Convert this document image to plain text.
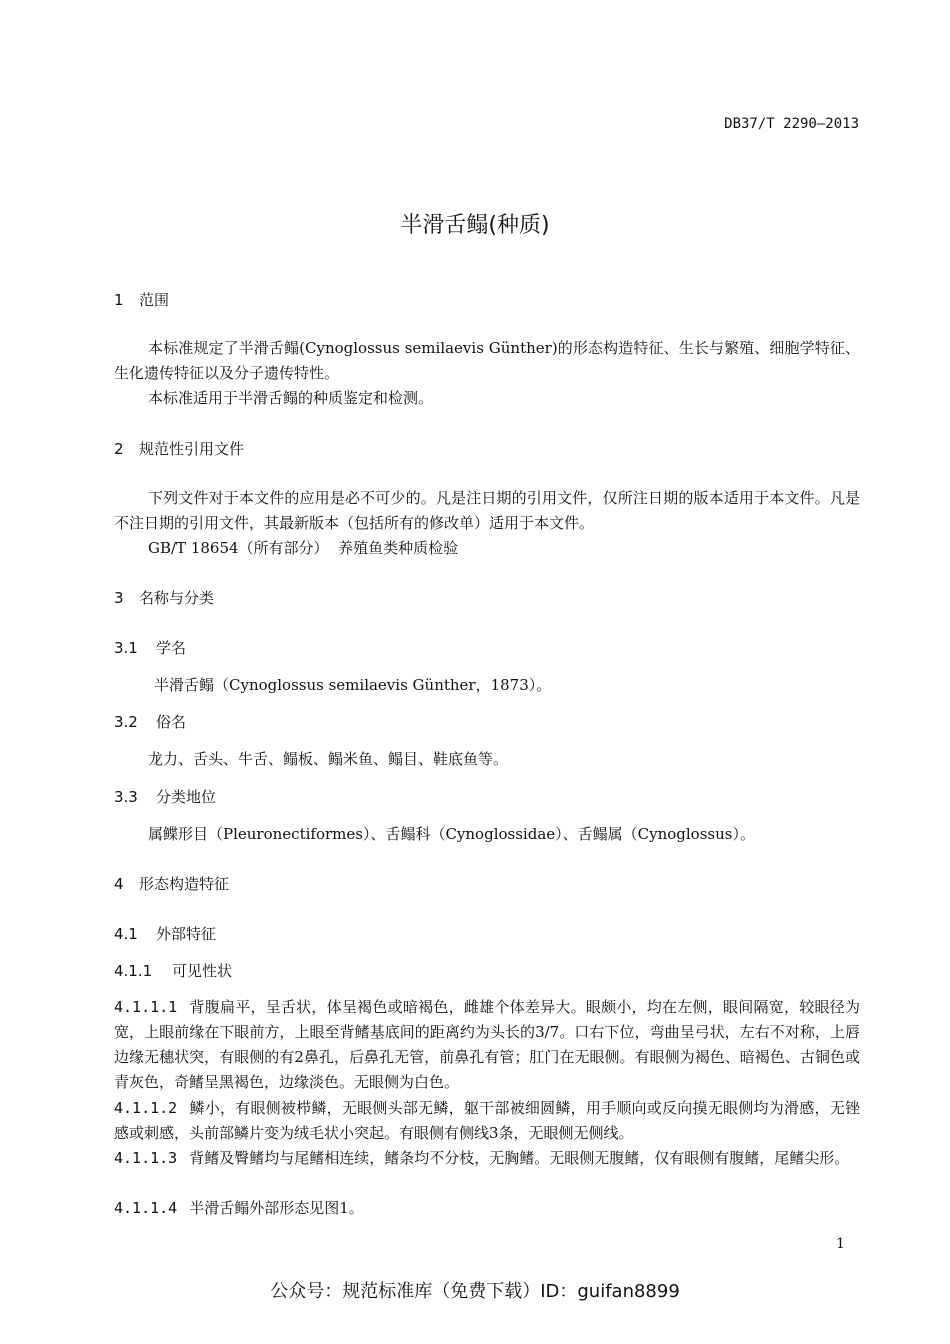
DB37/T 2290—2013
半滑舌鳎(种质)
1 范围
本标准规定了半滑舌鳎(Cynoglossus semilaevis Günther)的形态构造特征、生长与繁殖、细胞学特征、生化遗传特征以及分子遗传特性。
本标准适用于半滑舌鳎的种质鉴定和检测。
2 规范性引用文件
下列文件对于本文件的应用是必不可少的。凡是注日期的引用文件，仅所注日期的版本适用于本文件。凡是不注日期的引用文件，其最新版本（包括所有的修改单）适用于本文件。
GB/T 18654（所有部分）  养殖鱼类种质检验
3 名称与分类
3.1 学名
半滑舌鳎（Cynoglossus semilaevis Günther，1873）。
3.2 俗名
龙力、舌头、牛舌、鳎板、鳎米鱼、鳎目、鞋底鱼等。
3.3 分类地位
属鲽形目（Pleuronectiformes）、舌鳎科（Cynoglossidae）、舌鳎属（Cynoglossus）。
4 形态构造特征
4.1 外部特征
4.1.1 可见性状
4.1.1.1 背腹扁平，呈舌状，体呈褐色或暗褐色，雌雄个体差异大。眼颇小，均在左侧，眼间隔宽，较眼径为宽，上眼前缘在下眼前方，上眼至背鳍基底间的距离约为头长的3/7。口右下位，弯曲呈弓状，左右不对称，上唇边缘无穗状突，有眼侧的有2鼻孔，后鼻孔无管，前鼻孔有管；肛门在无眼侧。有眼侧为褐色、暗褐色、古铜色或青灰色，奇鳍呈黑褐色，边缘淡色。无眼侧为白色。
4.1.1.2 鳞小，有眼侧被栉鳞，无眼侧头部无鳞，躯干部被细圆鳞，用手顺向或反向摸无眼侧均为滑感，无锉感或刺感，头前部鳞片变为绒毛状小突起。有眼侧有侧线3条，无眼侧无侧线。
4.1.1.3 背鳍及臀鳍均与尾鳍相连续，鳍条均不分枝，无胸鳍。无眼侧无腹鳍，仅有眼侧有腹鳍，尾鳍尖形。
4.1.1.4 半滑舌鳎外部形态见图1。
1
公众号：规范标准库（免费下载）ID：guifan8899
